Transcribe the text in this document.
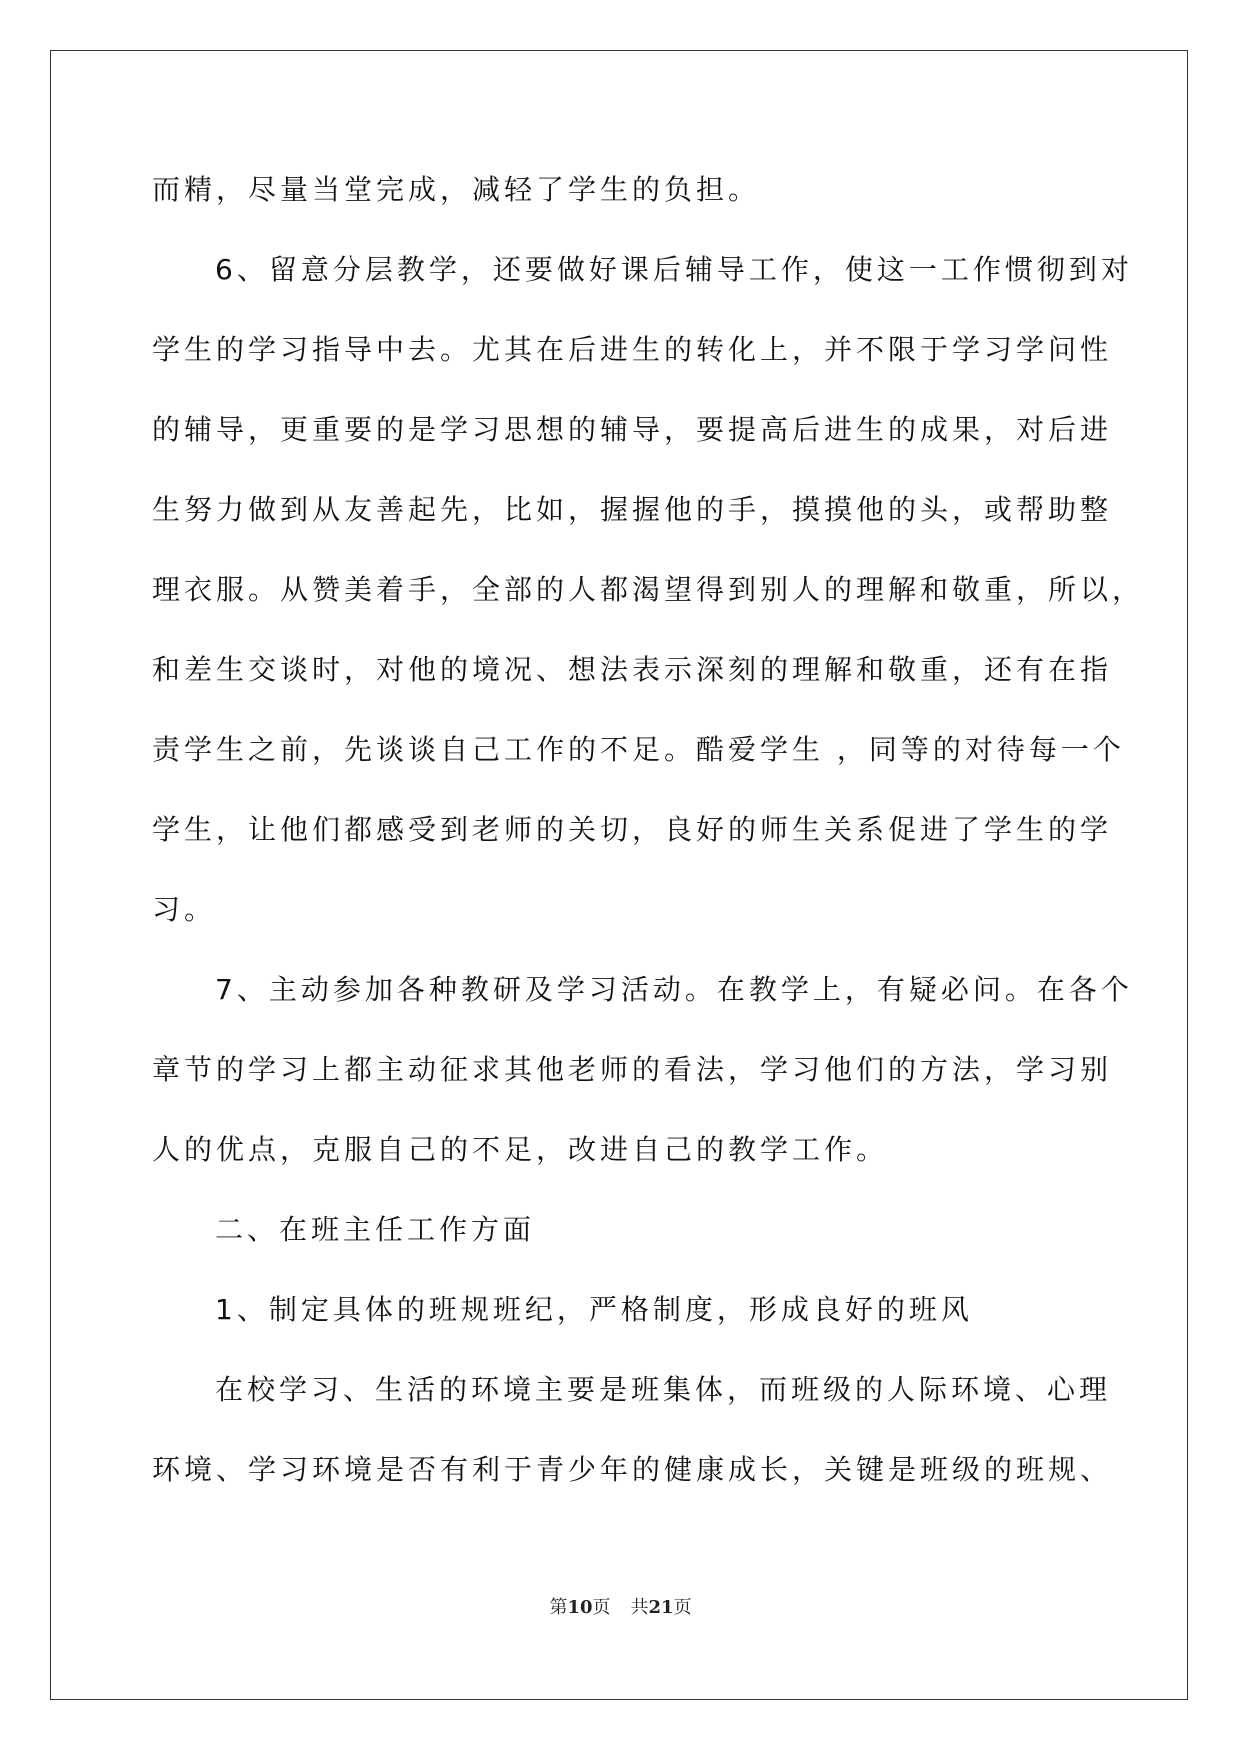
而精，尽量当堂完成，减轻了学生的负担。
6、留意分层教学，还要做好课后辅导工作，使这一工作惯彻到对
学生的学习指导中去。尤其在后进生的转化上，并不限于学习学问性
的辅导，更重要的是学习思想的辅导，要提高后进生的成果，对后进
生努力做到从友善起先，比如，握握他的手，摸摸他的头，或帮助整
理衣服。从赞美着手，全部的人都渴望得到别人的理解和敬重，所以，
和差生交谈时，对他的境况、想法表示深刻的理解和敬重，还有在指
责学生之前，先谈谈自己工作的不足。酷爱学生 ，同等的对待每一个
学生，让他们都感受到老师的关切，良好的师生关系促进了学生的学
习。
7、主动参加各种教研及学习活动。在教学上，有疑必问。在各个
章节的学习上都主动征求其他老师的看法，学习他们的方法，学习别
人的优点，克服自己的不足，改进自己的教学工作。
二、在班主任工作方面
1、制定具体的班规班纪，严格制度，形成良好的班风
在校学习、生活的环境主要是班集体，而班级的人际环境、心理
环境、学习环境是否有利于青少年的健康成长，关键是班级的班规、
第10页 共21页
